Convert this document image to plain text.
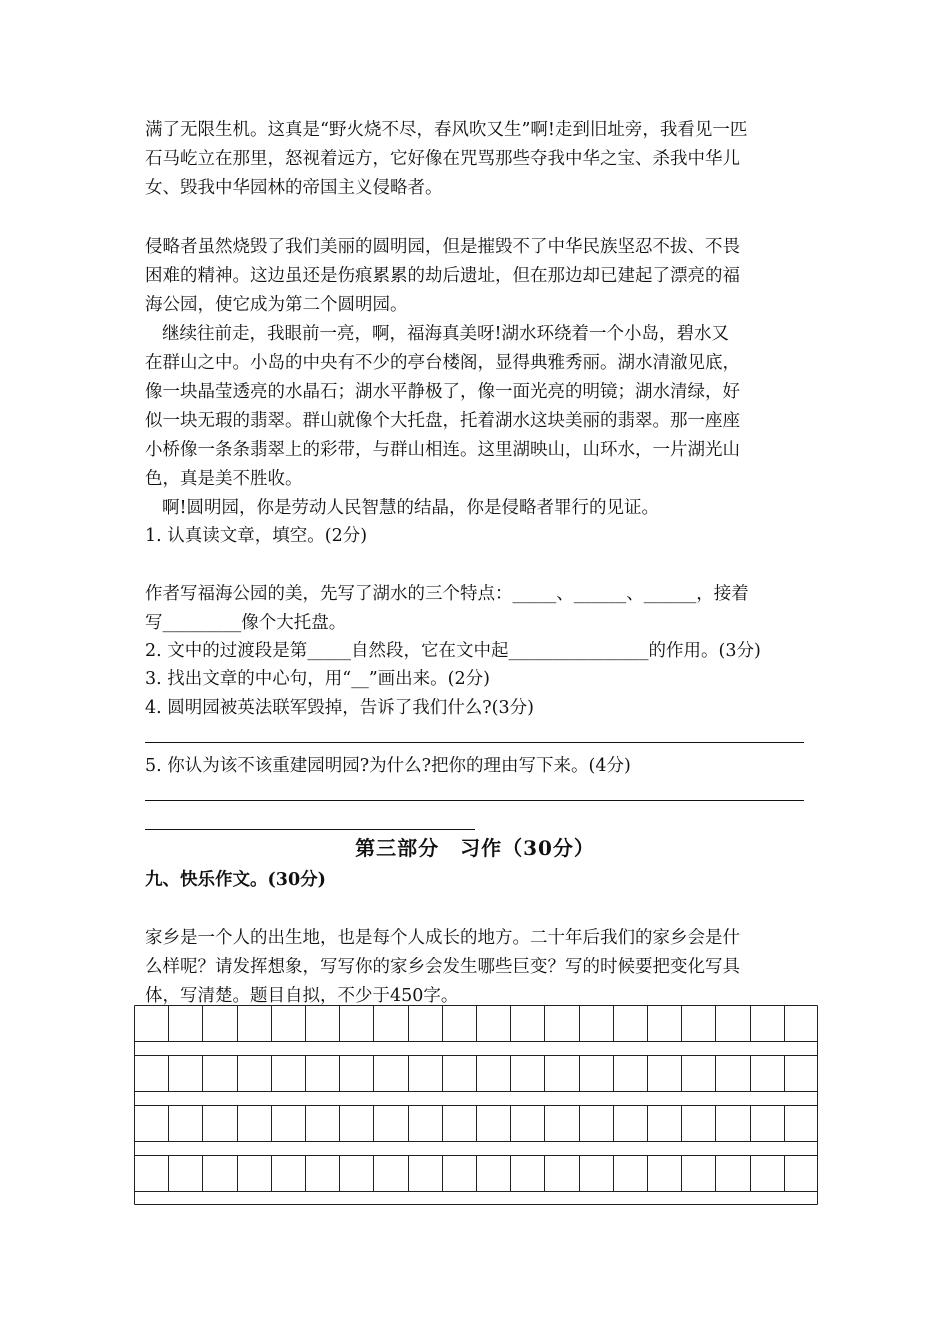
满了无限生机。这真是“野火烧不尽，春风吹又生”啊!走到旧址旁，我看见一匹
石马屹立在那里，怒视着远方，它好像在咒骂那些夺我中华之宝、杀我中华儿
女、毁我中华园林的帝国主义侵略者。
侵略者虽然烧毁了我们美丽的圆明园，但是摧毁不了中华民族坚忍不拔、不畏
困难的精神。这边虽还是伤痕累累的劫后遗址，但在那边却已建起了漂亮的福
海公园，使它成为第二个圆明园。
继续往前走，我眼前一亮，啊，福海真美呀!湖水环绕着一个小岛，碧水又
在群山之中。小岛的中央有不少的亭台楼阁，显得典雅秀丽。湖水清澈见底，
像一块晶莹透亮的水晶石；湖水平静极了，像一面光亮的明镜；湖水清绿，好
似一块无瑕的翡翠。群山就像个大托盘，托着湖水这块美丽的翡翠。那一座座
小桥像一条条翡翠上的彩带，与群山相连。这里湖映山，山环水，一片湖光山
色，真是美不胜收。
啊!圆明园，你是劳动人民智慧的结晶，你是侵略者罪行的见证。
1. 认真读文章，填空。(2分)
作者写福海公园的美，先写了湖水的三个特点：_____、______、______，接着
写_________像个大托盘。
2. 文中的过渡段是第_____自然段，它在文中起________________的作用。(3分)
3. 找出文章的中心句，用“__”画出来。(2分)
4. 圆明园被英法联军毁掉，告诉了我们什么?(3分)
5. 你认为该不该重建园明园?为什么?把你的理由写下来。(4分)
第三部分　习作（30分）
九、快乐作文。(30分)
家乡是一个人的出生地，也是每个人成长的地方。二十年后我们的家乡会是什
么样呢？请发挥想象，写写你的家乡会发生哪些巨变？写的时候要把变化写具
体，写清楚。题目自拟，不少于450字。
